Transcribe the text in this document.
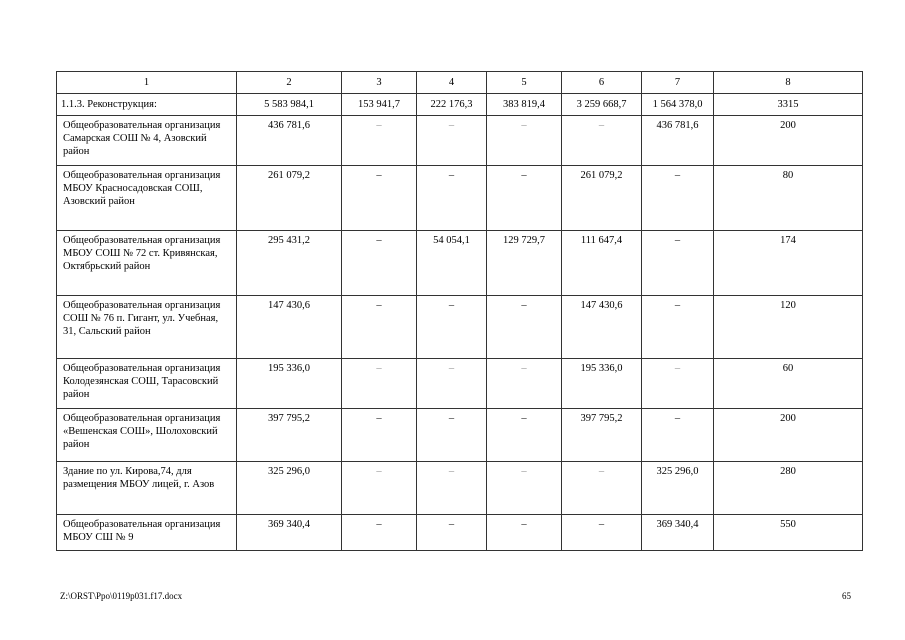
1	2	3	4	5	6	7	8
1.1.3. Реконструкция:	5 583 984,1	153 941,7	222 176,3	383 819,4	3 259 668,7	1 564 378,0	3315
Общеобразовательная организация Самарская СОШ № 4, Азовский район	436 781,6	–	–	–	–	436 781,6	200
Общеобразовательная организация МБОУ Красносадовская СОШ, Азовский район	261 079,2	–	–	–	261 079,2	–	80
Общеобразовательная организация МБОУ СОШ № 72 ст. Кривянская, Октябрьский район	295 431,2	–	54 054,1	129 729,7	111 647,4	–	174
Общеобразовательная организация СОШ № 76 п. Гигант, ул. Учебная, 31, Сальский район	147 430,6	–	–	–	147 430,6	–	120
Общеобразовательная организация Колодезянская СОШ, Тарасовский район	195 336,0	–	–	–	195 336,0	–	60
Общеобразовательная организация «Вешенская СОШ», Шолоховский район	397 795,2	–	–	–	397 795,2	–	200
Здание по ул. Кирова,74, для размещения МБОУ лицей, г. Азов	325 296,0	–	–	–	–	325 296,0	280
Общеобразовательная организация МБОУ СШ № 9	369 340,4	–	–	–	–	369 340,4	550
Z:\ORST\Ppo\0119p031.f17.docx	65
